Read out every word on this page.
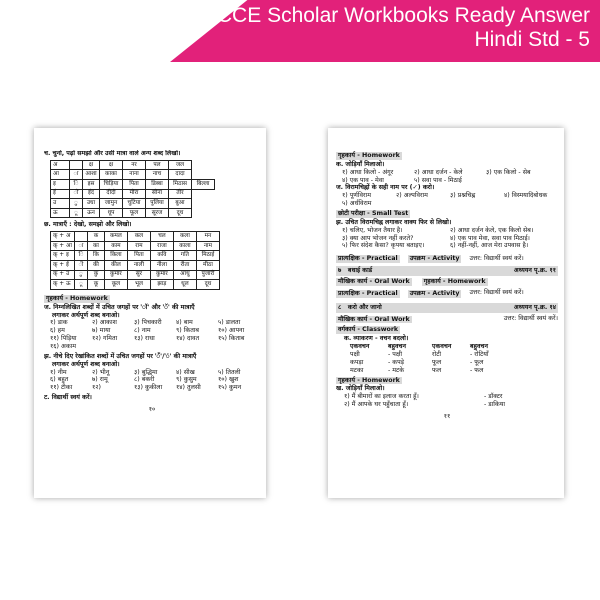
CCE Scholar Workbooks Ready Answer
Hindi Std - 5
च. चुनो, पढ़ो समझो और उसी मात्रा वाले अन्य शब्द लिखो।
अ		क्ष	क्ष	नर	पल	जल	
आ	ा	आशा	काका	नाना	नाच	दादा	
इ	ि	इस	चिड़िया	पिता	डिब्बा	मिठास	बिल्ला
ई	ी	ईद	दीदी	मीरा	सीना	तीर	
उ	ु	उधा	जामुन	चुटिया	पुलिया	बुआ	
ऊ	ू	ऊन	धूप	फूल	सूरज	दूध	
छ. मात्राएँ : देखो, समझो और लिखो।
क् + अ		क	कमल	कल	चल	कला	मन
क् + आ	ा	का	काम	राम	राजा	काला	नाम
क् + इ	ि	कि	किला	पिता	कवि	गति	मिठाई
क् + ई	ी	की	कील	नाली	नीला	रीता	मीठा
क् + उ	ु	कु	कुमार	सुर	कुमार	आधु	पुजारी
क् + ऊ	ू	कू	कूल	भूल	झाड़	धूल	दूध
गृहकार्य - Homework
ज. निम्नलिखित शब्दों में उचित जगहों पर 'ॉ' और 'ॅ' की मात्राएँ
लगाकर अर्थपूर्ण शब्द बनाओ।
१) डाक	२) आकाश	३) पिचकारी	४) बाम	५) डालता
६) हम	७) माया	८) नाम	९) किताब	१०) आपना
११) पिड़िया	१२) गमिता	१३) राधा	१४) दावत	१५) किताब
१६) अकाम
झ. नीचे दिए रेखांकित शब्दों में उचित जगहों पर 'ँ'/'ं' की मात्राएँ
लगाकर अर्थपूर्ण शब्द बनाओ।
१) नीम	२) भीनू	३) बुद्धिमा	४) सीख	५) तितली
६) बहुत	७) रामू	८) बकरी	९) कुसुम	१०) खुश
११) टीका	१२)	१३) कुकीला	१४) तुलसी	१५) कुमन
ट. विद्यार्थी स्वयं करें।
१०
गृहकार्य - Homework
क. जोड़ियाँ मिलाओ।
१) आधा किलो - अंगूर	२) आधा दर्जन - केले	३) एक किलो - सेब
४) एक पाव - मेवा	५) सवा पाव - मिठाई
ज. विरामचिह्नों के सही नाम पर (✓) करो।
१) पूर्णविराम	२) अल्पविराम	३) प्रश्नचिह्न	४) विस्मयादिबोधक
५) अर्धविराम
छोटी परीक्षा - Small Test
झ. उचित विरामचिह्न लगाकर वाक्य फिर से लिखो।
१) चलिए, भोजन तैयार है।	२) आधा दर्जन केले, एक किलो सेब।
३) क्या आप भोजन नहीं करते?	४) एक पाव मेवा, सवा पाव मिठाई।
५) फिर संदेश कैसा? कृपया बताइए।	६) नहीं-नहीं, आज मेरा उपवास है।
प्रात्यक्षिक - Practical	उपक्रम - Activity	उत्तर: विद्यार्थी स्वयं करें।
७ बधाई कार्ड	अध्ययन पृ.क्र. ११
मौखिक कार्य - Oral Work	गृहकार्य - Homework
प्रात्यक्षिक - Practical	उपक्रम - Activity	उत्तर: विद्यार्थी स्वयं करें।
८ करो और जानो	अध्ययन पृ.क्र. १४
मौखिक कार्य - Oral Work	उत्तर: विद्यार्थी स्वयं करें।
वर्गकार्य - Classwork
क. व्याकरण - वचन बदलो।
एकवचन	बहुवचन	एकवचन	बहुवचन
पक्षी	- पक्षी	रोटी	- रोटियाँ
कपड़ा	- कपड़े	फूल	- फूल
मटका	- मटके	फल	- फल
गृहकार्य - Homework
ख. जोड़ियाँ मिलाओ।
१) मैं बीमारों का इलाज करता हूँ।	- डॉक्टर
२) मैं आपके घर पहुँचाता हूँ।	- डाकिया
११
